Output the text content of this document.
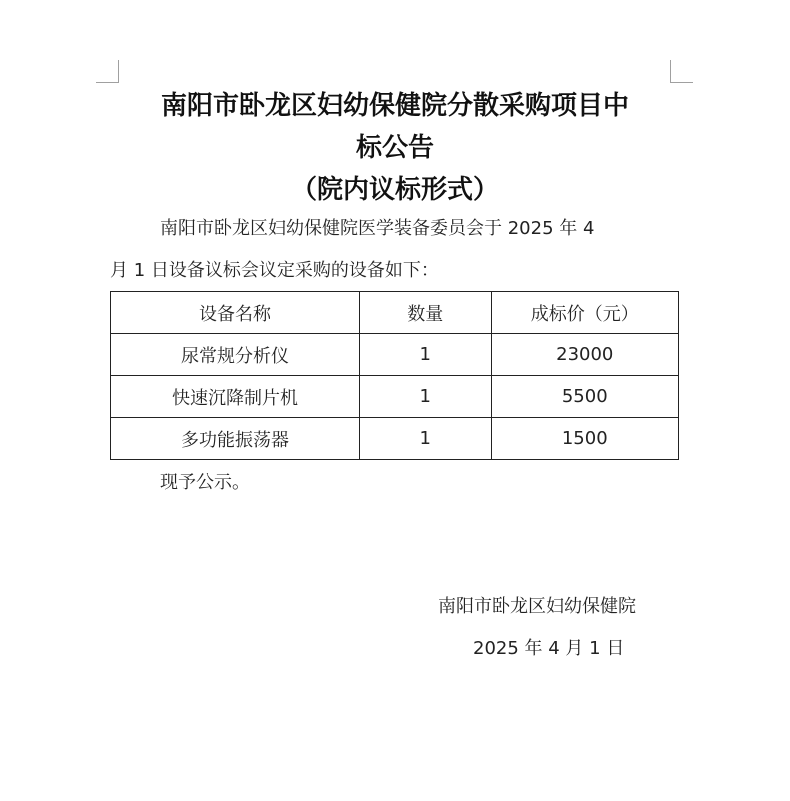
南阳市卧龙区妇幼保健院分散采购项目中
标公告
（院内议标形式）
南阳市卧龙区妇幼保健院医学装备委员会于 2025 年 4
月 1 日设备议标会议定采购的设备如下：
设备名称	数量	成标价（元）
尿常规分析仪	1	23000
快速沉降制片机	1	5500
多功能振荡器	1	1500
现予公示。
南阳市卧龙区妇幼保健院
2025 年 4 月 1 日
